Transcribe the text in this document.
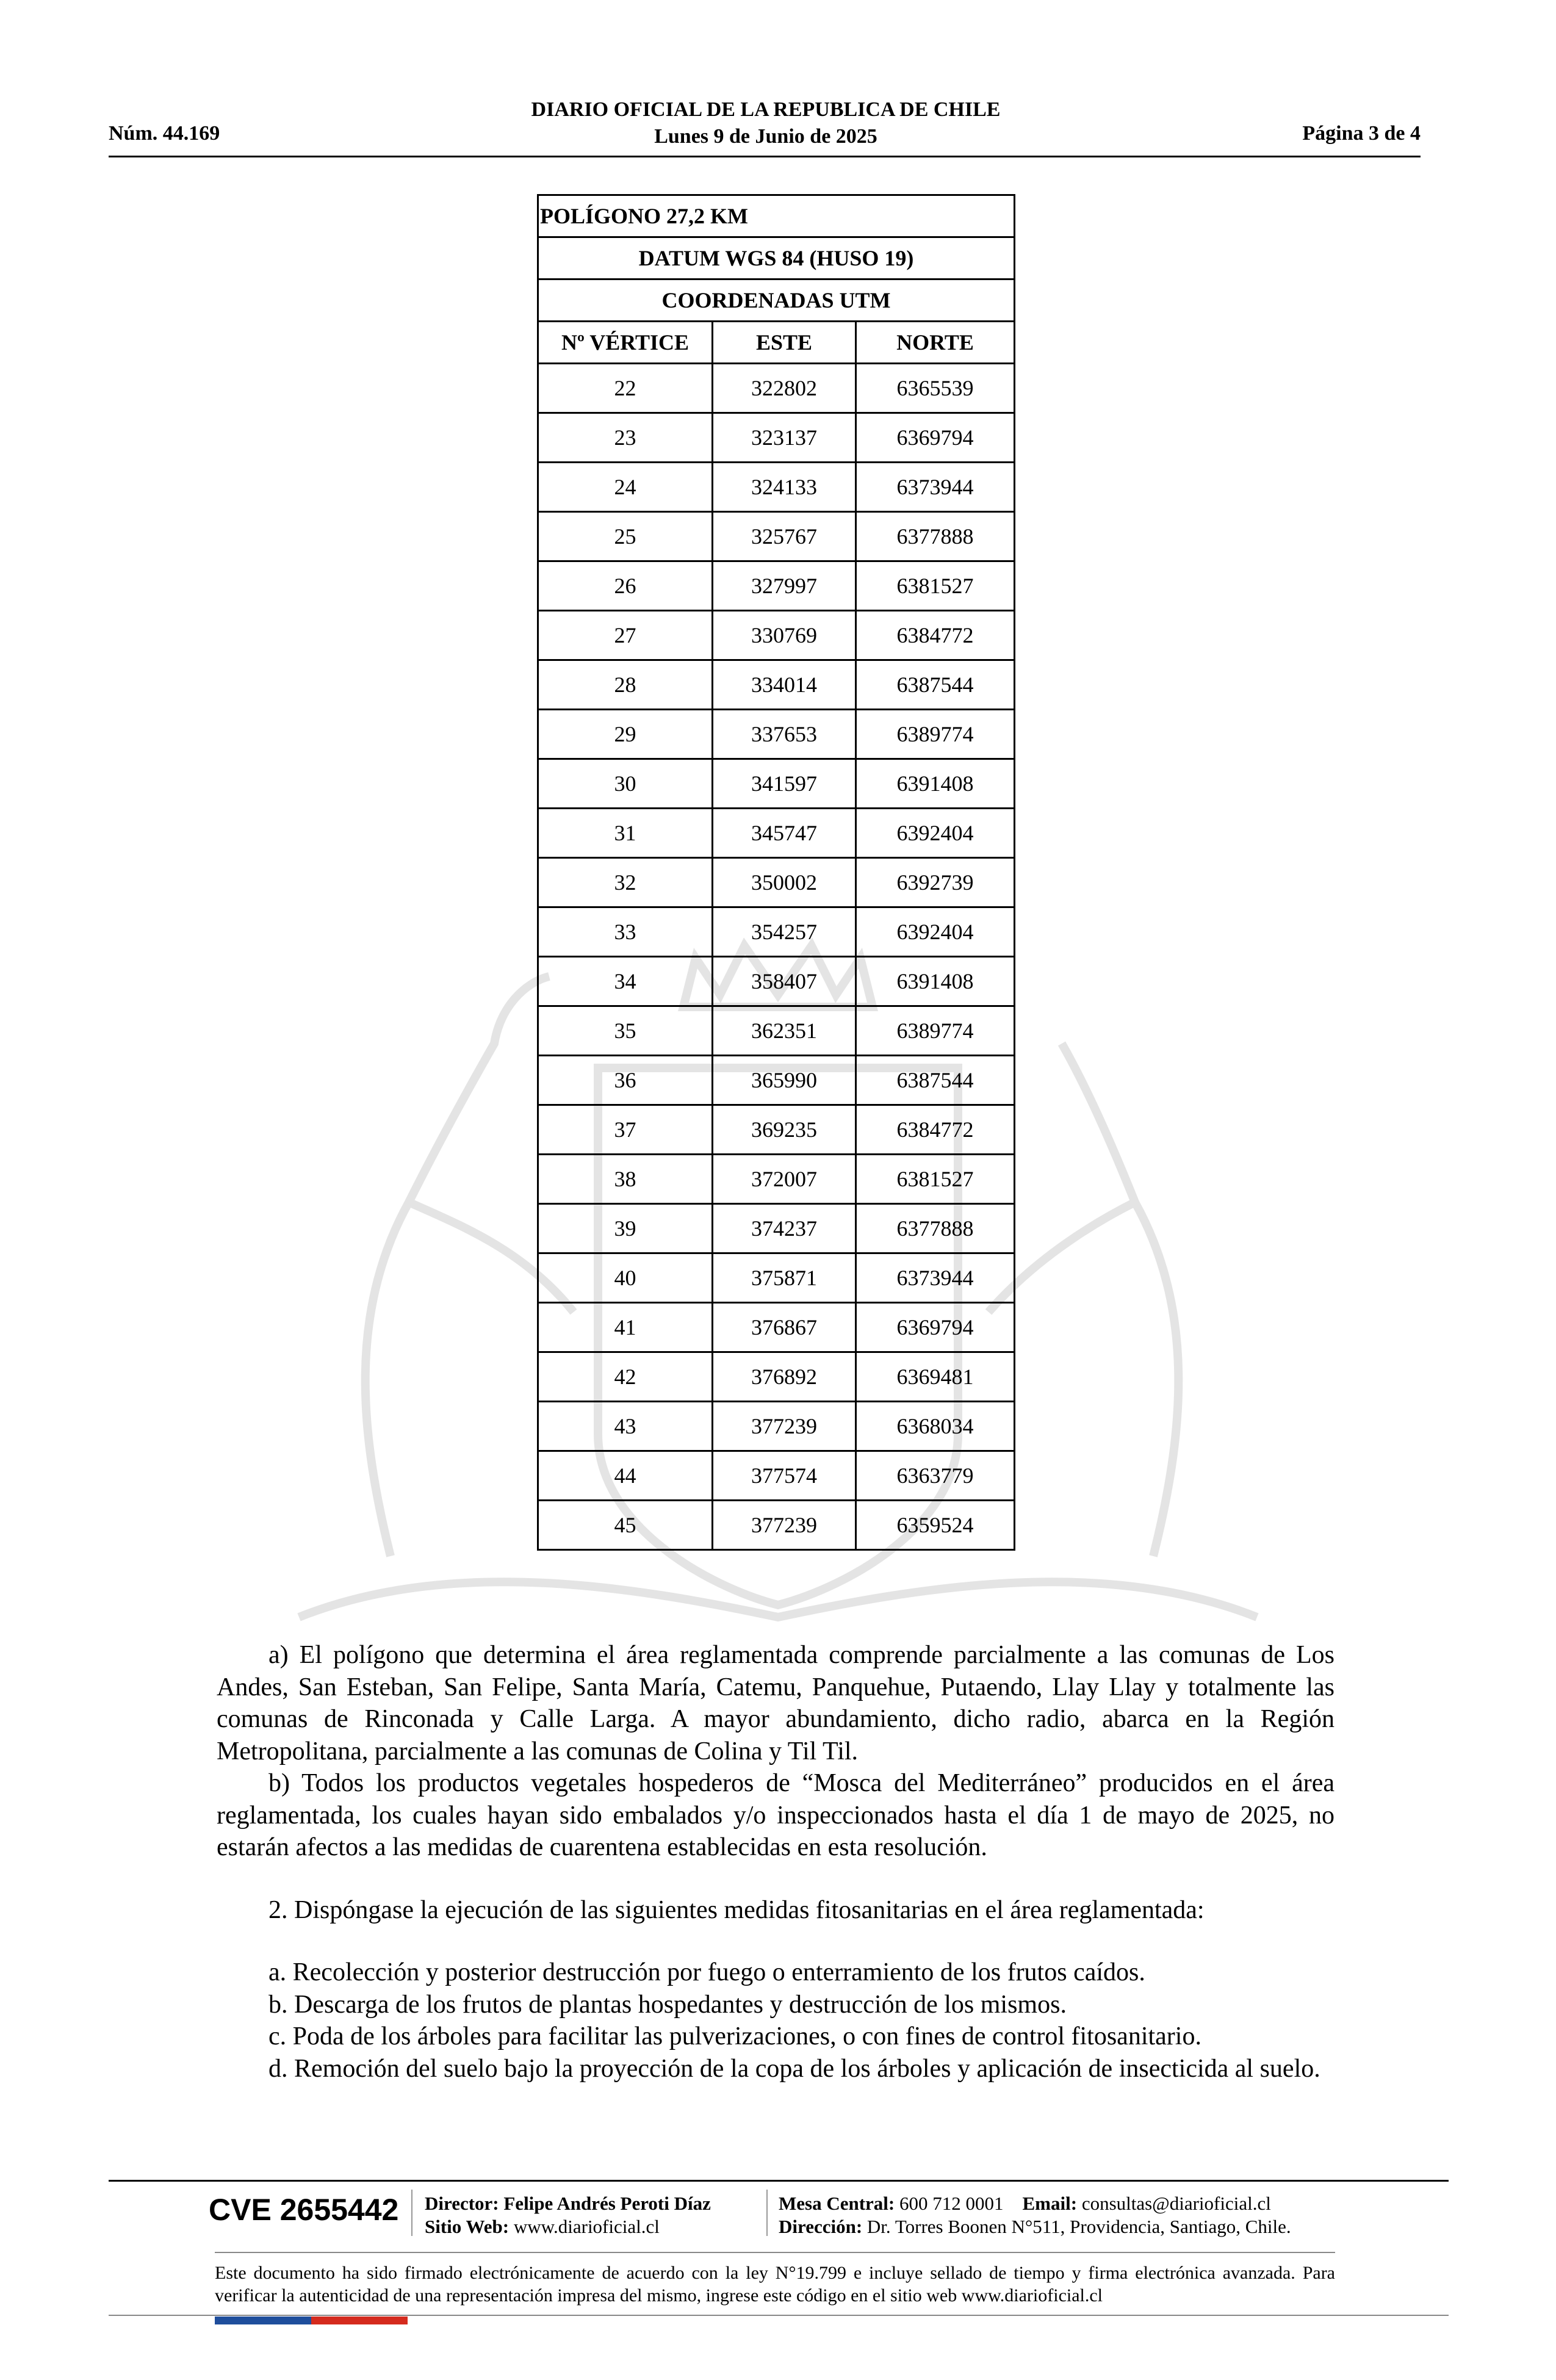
Núm. 44.169
DIARIO OFICIAL DE LA REPUBLICA DE CHILE
Lunes 9 de Junio de 2025	Página 3 de 4
POLÍGONO 27,2 KM		
DATUM WGS 84 (HUSO 19)		
COORDENADAS UTM		
Nº VÉRTICE	ESTE	NORTE
22	322802	6365539
23	323137	6369794
24	324133	6373944
25	325767	6377888
26	327997	6381527
27	330769	6384772
28	334014	6387544
29	337653	6389774
30	341597	6391408
31	345747	6392404
32	350002	6392739
33	354257	6392404
34	358407	6391408
35	362351	6389774
36	365990	6387544
37	369235	6384772
38	372007	6381527
39	374237	6377888
40	375871	6373944
41	376867	6369794
42	376892	6369481
43	377239	6368034
44	377574	6363779
45	377239	6359524

a) El polígono que determina el área reglamentada comprende parcialmente a las comunas de Los Andes, San Esteban, San Felipe, Santa María, Catemu, Panquehue, Putaendo, Llay Llay y totalmente las comunas de Rinconada y Calle Larga. A mayor abundamiento, dicho radio, abarca en la Región Metropolitana, parcialmente a las comunas de Colina y Til Til.

b) Todos los productos vegetales hospederos de “Mosca del Mediterráneo” producidos en el área reglamentada, los cuales hayan sido embalados y/o inspeccionados hasta el día 1 de mayo de 2025, no estarán afectos a las medidas de cuarentena establecidas en esta resolución.

2. Dispóngase la ejecución de las siguientes medidas fitosanitarias en el área reglamentada:

a. Recolección y posterior destrucción por fuego o enterramiento de los frutos caídos.

b. Descarga de los frutos de plantas hospedantes y destrucción de los mismos.

c. Poda de los árboles para facilitar las pulverizaciones, o con fines de control fitosanitario.

d. Remoción del suelo bajo la proyección de la copa de los árboles y aplicación de insecticida al suelo.

CVE 2655442 Director: Felipe Andrés Peroti Díaz
Sitio Web: www.diarioficial.cl
Mesa Central: 600 712 0001 Email: consultas@diarioficial.cl
Dirección: Dr. Torres Boonen N°511, Providencia, Santiago, Chile.
Este documento ha sido firmado electrónicamente de acuerdo con la ley N°19.799 e incluye sellado de tiempo y firma electrónica avanzada. Para verificar la autenticidad de una representación impresa del mismo, ingrese este código en el sitio web www.diarioficial.cl
